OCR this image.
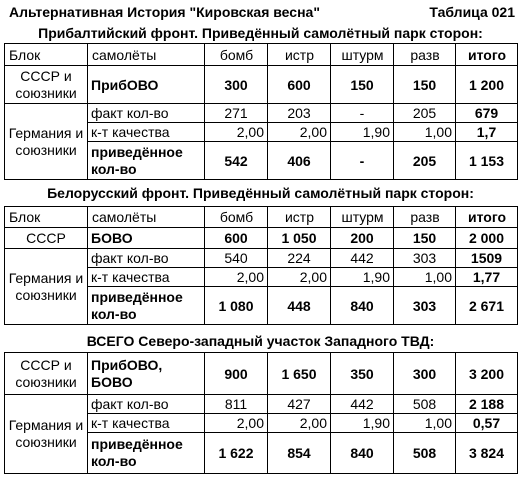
Альтернативная История "Кировская весна"	Таблица 021
Прибалтийский фронт. Приведённый самолётный парк сторон:
Блок	самолёты	бомб	истр	штурм	разв	итого
СССР и союзники	ПрибОВО	300	600	150	150	1 200
Германия и союзники	факт кол-во	271	203	-	205	679
	к-т качества	2,00	2,00	1,90	1,00	1,7
	приведённое кол-во	542	406	-	205	1 153
Белорусский фронт. Приведённый самолётный парк сторон:
Блок	самолёты	бомб	истр	штурм	разв	итого
СССР	БОВО	600	1 050	200	150	2 000
Германия и союзники	факт кол-во	540	224	442	303	1509
	к-т качества	2,00	2,00	1,90	1,00	1,77
	приведённое кол-во	1 080	448	840	303	2 671
ВСЕГО Северо-западный участок Западного ТВД:
СССР и союзники	ПрибОВО, БОВО	900	1 650	350	300	3 200
Германия и союзники	факт кол-во	811	427	442	508	2 188
	к-т качества	2,00	2,00	1,90	1,00	0,57
	приведённое кол-во	1 622	854	840	508	3 824
